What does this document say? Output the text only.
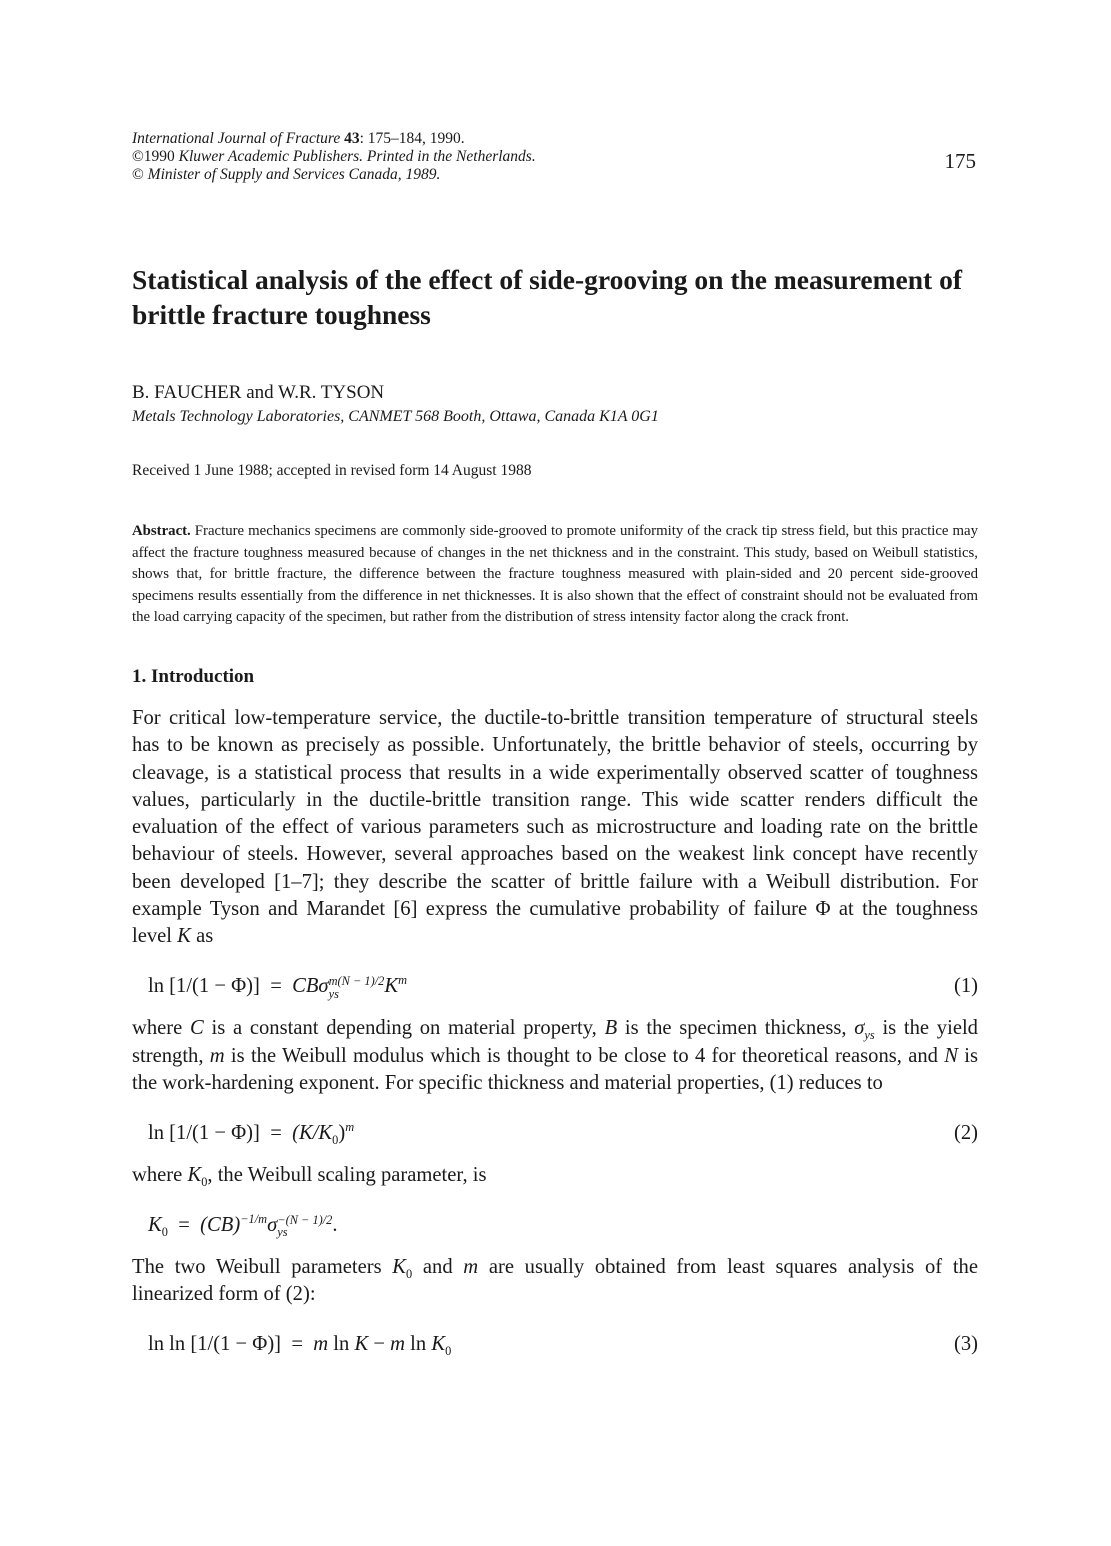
International Journal of Fracture 43: 175–184, 1990.
©1990 Kluwer Academic Publishers. Printed in the Netherlands.
© Minister of Supply and Services Canada, 1989.
175
Statistical analysis of the effect of side-grooving on the measurement of brittle fracture toughness
B. FAUCHER and W.R. TYSON
Metals Technology Laboratories, CANMET 568 Booth, Ottawa, Canada K1A 0G1
Received 1 June 1988; accepted in revised form 14 August 1988
Abstract. Fracture mechanics specimens are commonly side-grooved to promote uniformity of the crack tip stress field, but this practice may affect the fracture toughness measured because of changes in the net thickness and in the constraint. This study, based on Weibull statistics, shows that, for brittle fracture, the difference between the fracture toughness measured with plain-sided and 20 percent side-grooved specimens results essentially from the difference in net thicknesses. It is also shown that the effect of constraint should not be evaluated from the load carrying capacity of the specimen, but rather from the distribution of stress intensity factor along the crack front.
1. Introduction

For critical low-temperature service, the ductile-to-brittle transition temperature of structural steels has to be known as precisely as possible. Unfortunately, the brittle behavior of steels, occurring by cleavage, is a statistical process that results in a wide experimentally observed scatter of toughness values, particularly in the ductile-brittle transition range. This wide scatter renders difficult the evaluation of the effect of various parameters such as microstructure and loading rate on the brittle behaviour of steels. However, several approaches based on the weakest link concept have recently been developed [1–7]; they describe the scatter of brittle failure with a Weibull distribution. For example Tyson and Marandet [6] express the cumulative probability of failure Φ at the toughness level K as

ln [1/(1 − Φ)] = CBσ m(N − 1)/2
ys	$K^m$	(1)

where C is a constant depending on material property, B is the specimen thickness, $\sigma_{ys}$ is the yield strength, m is the Weibull modulus which is thought to be close to 4 for theoretical reasons, and N is the work-hardening exponent. For specific thickness and material properties, (1) reduces to

$\ln [1/(1 - \Phi)] = (K/K_0)^m$	(2)

where $K_0$, the Weibull scaling parameter, is

$K_0 = (CB)^{-1/m}\sigma -(N - 1)/2$
ys	.

The two Weibull parameters $K_0$ and m are usually obtained from least squares analysis of the linearized form of (2):

ln ln [1/(1 − Φ)] = m ln K − m $\ln K_0$	(3)
